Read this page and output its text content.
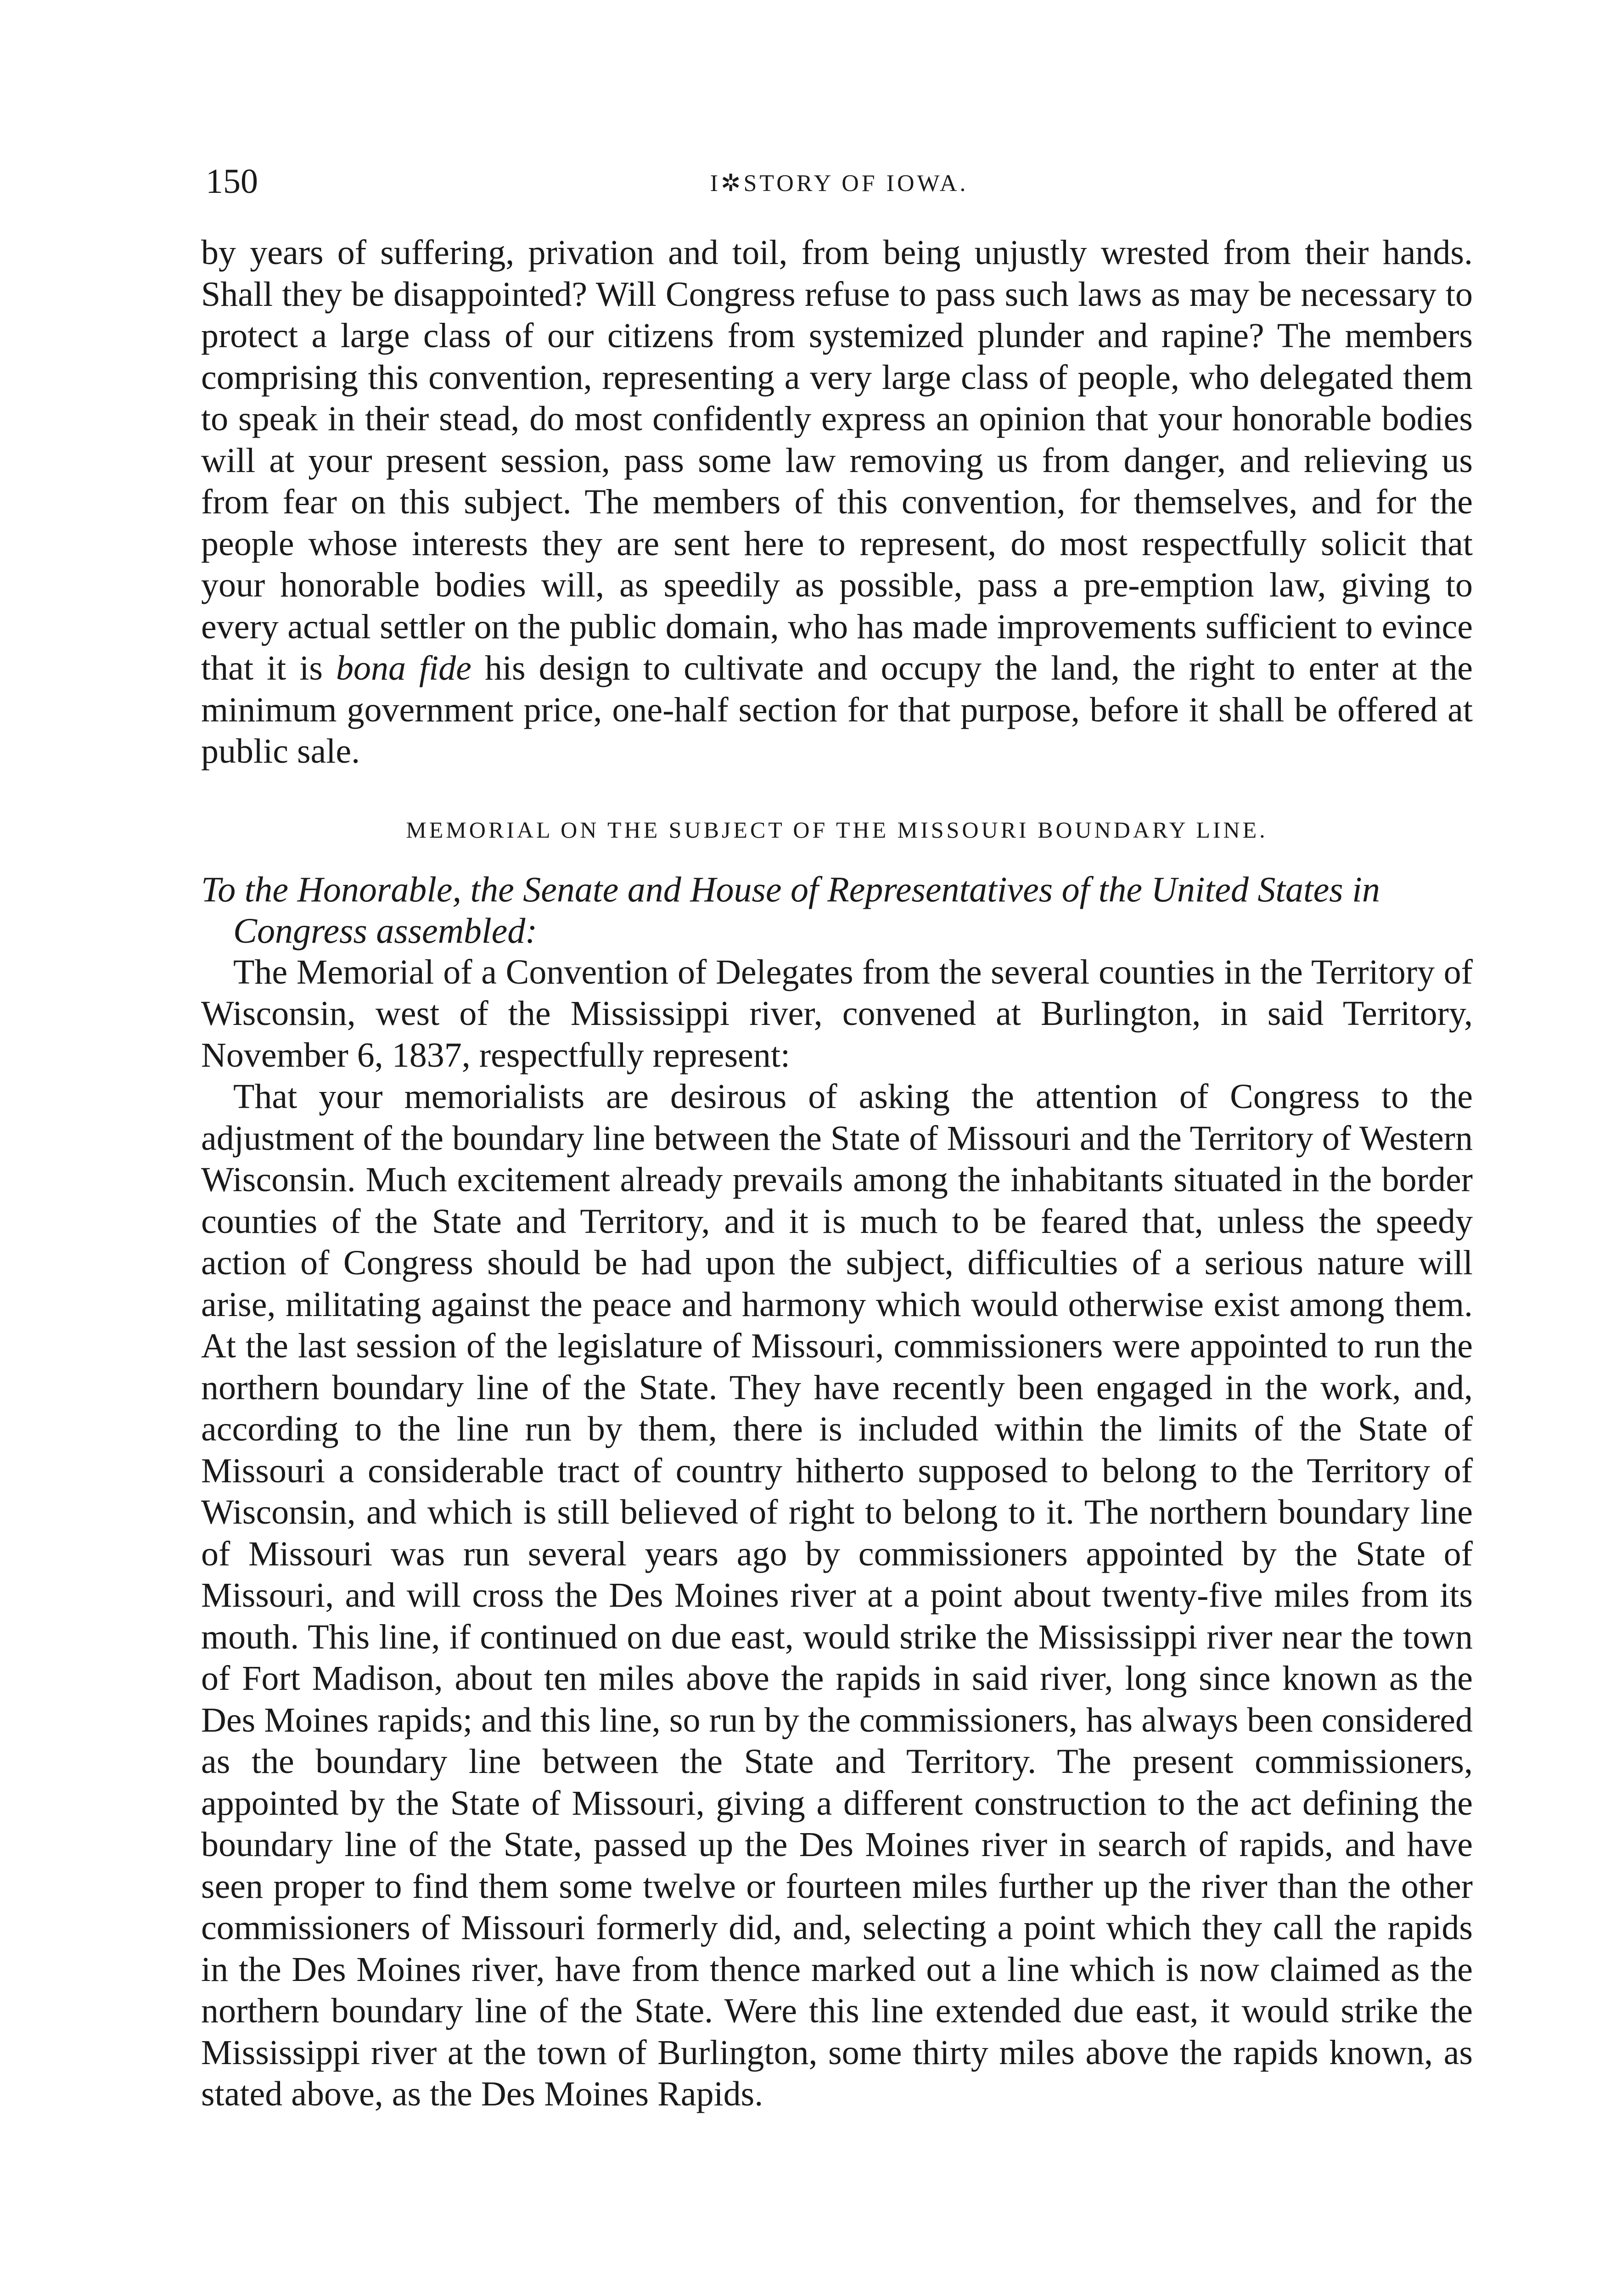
150	I✲STORY OF IOWA.

by years of suffering, privation and toil, from being unjustly wrested from their hands. Shall they be disappointed? Will Congress refuse to pass such laws as may be necessary to protect a large class of our citizens from systemized plunder and rapine? The members comprising this convention, representing a very large class of people, who delegated them to speak in their stead, do most confidently express an opinion that your honorable bodies will at your present session, pass some law removing us from danger, and relieving us from fear on this subject. The members of this convention, for themselves, and for the people whose interests they are sent here to represent, do most respectfully solicit that your honorable bodies will, as speedily as possible, pass a pre-emption law, giving to every actual settler on the public domain, who has made improvements sufficient to evince that it is bona fide his design to cultivate and occupy the land, the right to enter at the minimum government price, one-half section for that purpose, before it shall be offered at public sale.

MEMORIAL ON THE SUBJECT OF THE MISSOURI BOUNDARY LINE.

To the Honorable, the Senate and House of Representatives of the United States in Congress assembled:

The Memorial of a Convention of Delegates from the several counties in the Territory of Wisconsin, west of the Mississippi river, convened at Burlington, in said Territory, November 6, 1837, respectfully represent:

That your memorialists are desirous of asking the attention of Congress to the adjustment of the boundary line between the State of Missouri and the Territory of Western Wisconsin. Much excitement already prevails among the inhabitants situated in the border counties of the State and Territory, and it is much to be feared that, unless the speedy action of Congress should be had upon the subject, difficulties of a serious nature will arise, militating against the peace and harmony which would otherwise exist among them. At the last session of the legislature of Missouri, commissioners were appointed to run the northern boundary line of the State. They have recently been engaged in the work, and, according to the line run by them, there is included within the limits of the State of Missouri a considerable tract of country hitherto supposed to belong to the Territory of Wisconsin, and which is still believed of right to belong to it. The northern boundary line of Missouri was run several years ago by commissioners appointed by the State of Missouri, and will cross the Des Moines river at a point about twenty-five miles from its mouth. This line, if continued on due east, would strike the Mississippi river near the town of Fort Madison, about ten miles above the rapids in said river, long since known as the Des Moines rapids; and this line, so run by the commissioners, has always been considered as the boundary line between the State and Territory. The present commissioners, appointed by the State of Missouri, giving a different construction to the act defining the boundary line of the State, passed up the Des Moines river in search of rapids, and have seen proper to find them some twelve or fourteen miles further up the river than the other commissioners of Missouri formerly did, and, selecting a point which they call the rapids in the Des Moines river, have from thence marked out a line which is now claimed as the northern boundary line of the State. Were this line extended due east, it would strike the Mississippi river at the town of Burlington, some thirty miles above the rapids known, as stated above, as the Des Moines Rapids.
